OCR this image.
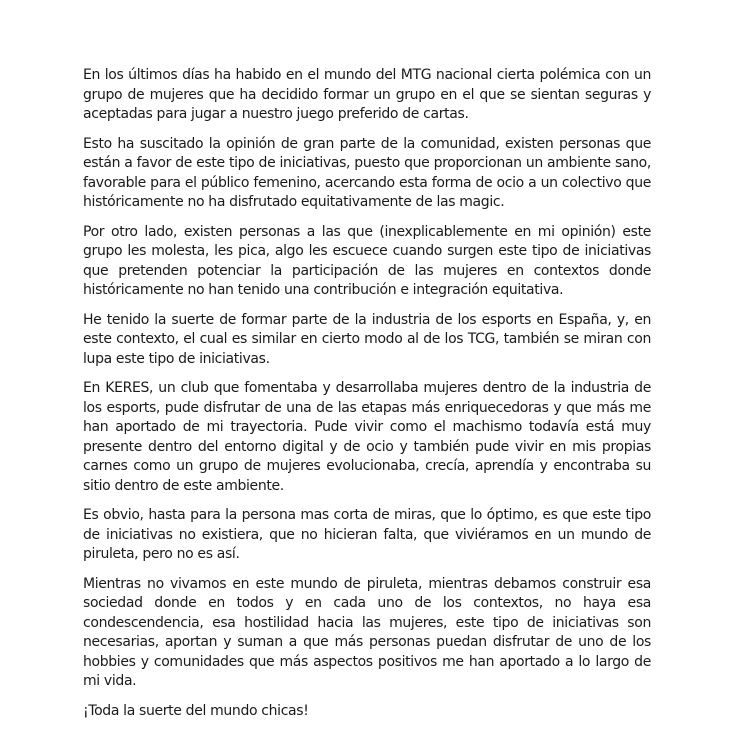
En los últimos días ha habido en el mundo del MTG nacional cierta polémica con un grupo de mujeres que ha decidido formar un grupo en el que se sientan seguras y aceptadas para jugar a nuestro juego preferido de cartas.

Esto ha suscitado la opinión de gran parte de la comunidad, existen personas que están a favor de este tipo de iniciativas, puesto que proporcionan un ambiente sano, favorable para el público femenino, acercando esta forma de ocio a un colectivo que históricamente no ha disfrutado equitativamente de las magic.

Por otro lado, existen personas a las que (inexplicablemente en mi opinión) este grupo les molesta, les pica, algo les escuece cuando surgen este tipo de iniciativas que pretenden potenciar la participación de las mujeres en contextos donde históricamente no han tenido una contribución e integración equitativa.

He tenido la suerte de formar parte de la industria de los esports en España, y, en este contexto, el cual es similar en cierto modo al de los TCG, también se miran con lupa este tipo de iniciativas.

En KERES, un club que fomentaba y desarrollaba mujeres dentro de la industria de los esports, pude disfrutar de una de las etapas más enriquecedoras y que más me han aportado de mi trayectoria. Pude vivir como el machismo todavía está muy presente dentro del entorno digital y de ocio y también pude vivir en mis propias carnes como un grupo de mujeres evolucionaba, crecía, aprendía y encontraba su sitio dentro de este ambiente.

Es obvio, hasta para la persona mas corta de miras, que lo óptimo, es que este tipo de iniciativas no existiera, que no hicieran falta, que viviéramos en un mundo de piruleta, pero no es así.

Mientras no vivamos en este mundo de piruleta, mientras debamos construir esa sociedad donde en todos y en cada uno de los contextos, no haya esa condescendencia, esa hostilidad hacia las mujeres, este tipo de iniciativas son necesarias, aportan y suman a que más personas puedan disfrutar de uno de los hobbies y comunidades que más aspectos positivos me han aportado a lo largo de mi vida.

¡Toda la suerte del mundo chicas!
